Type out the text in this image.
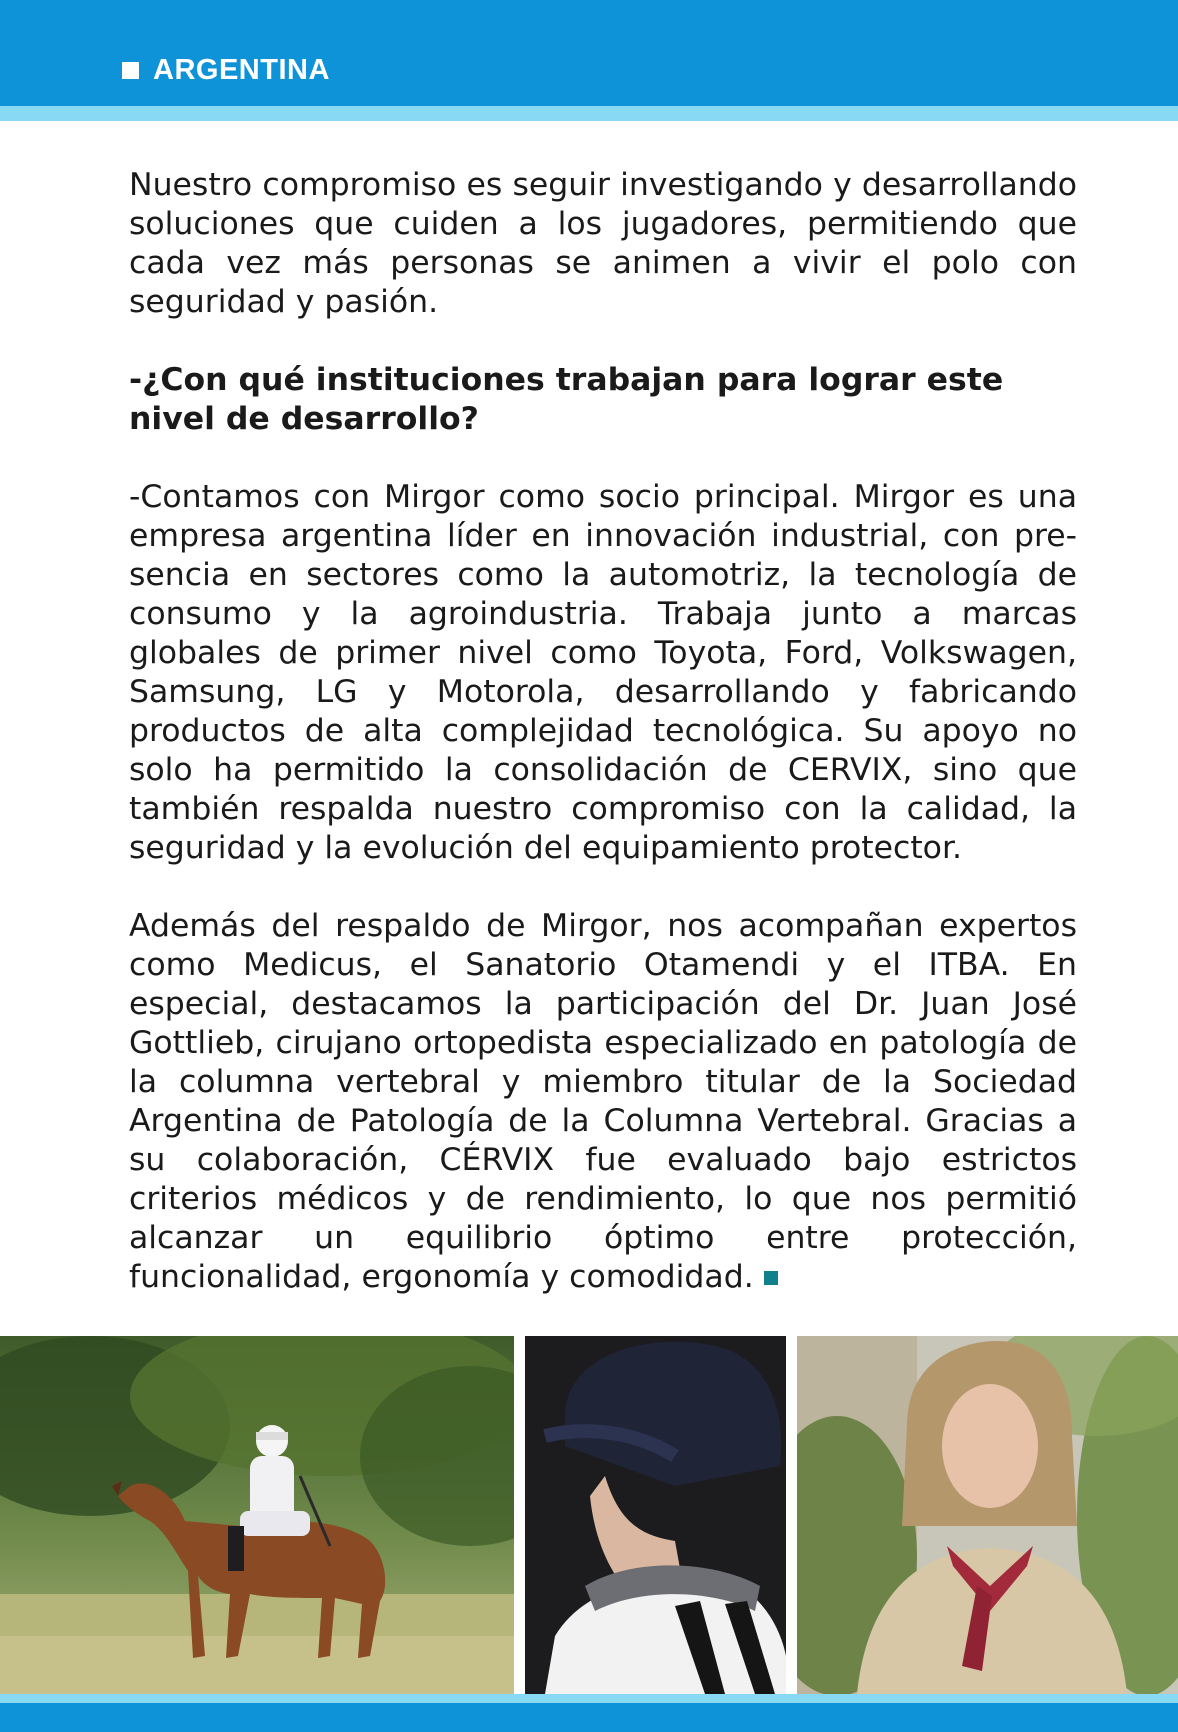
ARGENTINA

Nuestro compromiso es seguir investigando y desarrollando soluciones que cuiden a los jugadores, permitiendo que cada vez más personas se animen a vivir el polo con seguridad y pasión.

-¿Con qué instituciones trabajan para lograr este nivel de desarrollo?

-Contamos con Mirgor como socio principal. Mirgor es una empresa argentina líder en innovación industrial, con presencia en sectores como la automotriz, la tecnología de consumo y la agroindustria. Trabaja junto a marcas globales de primer nivel como Toyota, Ford, Volkswagen, Samsung, LG y Motorola, desarrollando y fabricando productos de alta complejidad tecnológica. Su apoyo no solo ha permitido la consolidación de CERVIX, sino que también respalda nuestro compromiso con la calidad, la seguridad y la evolución del equipamiento protector.

Además del respaldo de Mirgor, nos acompañan expertos como Medicus, el Sanatorio Otamendi y el ITBA. En especial, destacamos la participación del Dr. Juan José Gottlieb, cirujano ortopedista especializado en patología de la columna vertebral y miembro titular de la Sociedad Argentina de Patología de la Columna Vertebral. Gracias a su colaboración, CÉRVIX fue evaluado bajo estrictos criterios médicos y de rendimiento, lo que nos permitió alcanzar un equilibrio óptimo entre protección, funcionalidad, ergonomía y comodidad.
